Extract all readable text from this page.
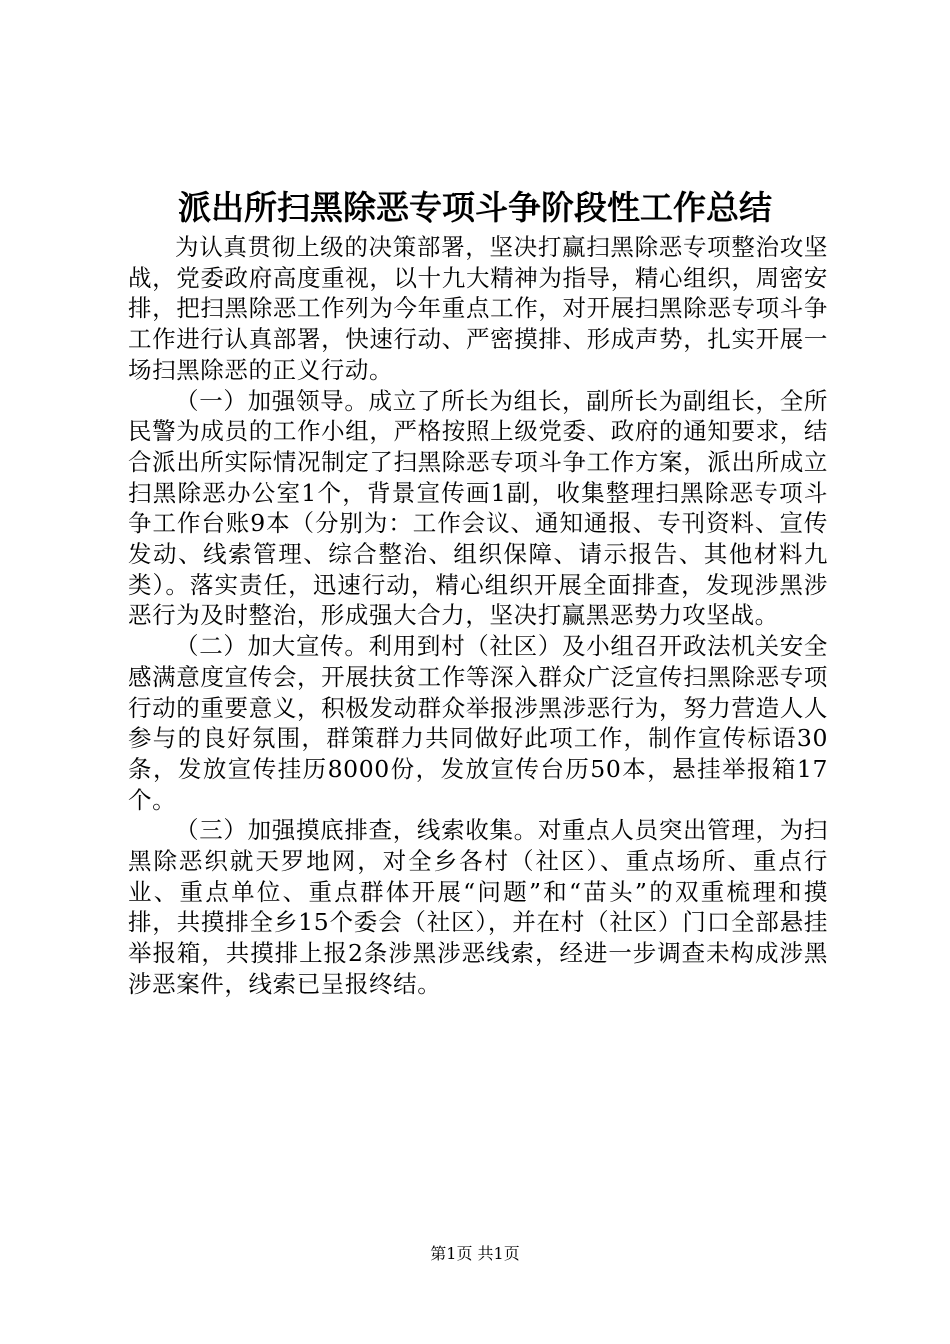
派出所扫黑除恶专项斗争阶段性工作总结

为认真贯彻上级的决策部署，坚决打赢扫黑除恶专项整治攻坚战，党委政府高度重视，以十九大精神为指导，精心组织，周密安排，把扫黑除恶工作列为今年重点工作，对开展扫黑除恶专项斗争工作进行认真部署，快速行动、严密摸排、形成声势，扎实开展一场扫黑除恶的正义行动。

（一）加强领导。成立了所长为组长，副所长为副组长，全所民警为成员的工作小组，严格按照上级党委、政府的通知要求，结合派出所实际情况制定了扫黑除恶专项斗争工作方案，派出所成立扫黑除恶办公室1个，背景宣传画1副，收集整理扫黑除恶专项斗争工作台账9本（分别为：工作会议、通知通报、专刊资料、宣传发动、线索管理、综合整治、组织保障、请示报告、其他材料九类）。落实责任，迅速行动，精心组织开展全面排查，发现涉黑涉恶行为及时整治，形成强大合力，坚决打赢黑恶势力攻坚战。

（二）加大宣传。利用到村（社区）及小组召开政法机关安全感满意度宣传会，开展扶贫工作等深入群众广泛宣传扫黑除恶专项行动的重要意义，积极发动群众举报涉黑涉恶行为，努力营造人人参与的良好氛围，群策群力共同做好此项工作，制作宣传标语30条，发放宣传挂历8000份，发放宣传台历50本，悬挂举报箱17个。

（三）加强摸底排查，线索收集。对重点人员突出管理，为扫黑除恶织就天罗地网，对全乡各村（社区）、重点场所、重点行业、重点单位、重点群体开展“问题”和“苗头”的双重梳理和摸排，共摸排全乡15个委会（社区），并在村（社区）门口全部悬挂举报箱，共摸排上报2条涉黑涉恶线索，经进一步调查未构成涉黑涉恶案件，线索已呈报终结。

第1页 共1页
